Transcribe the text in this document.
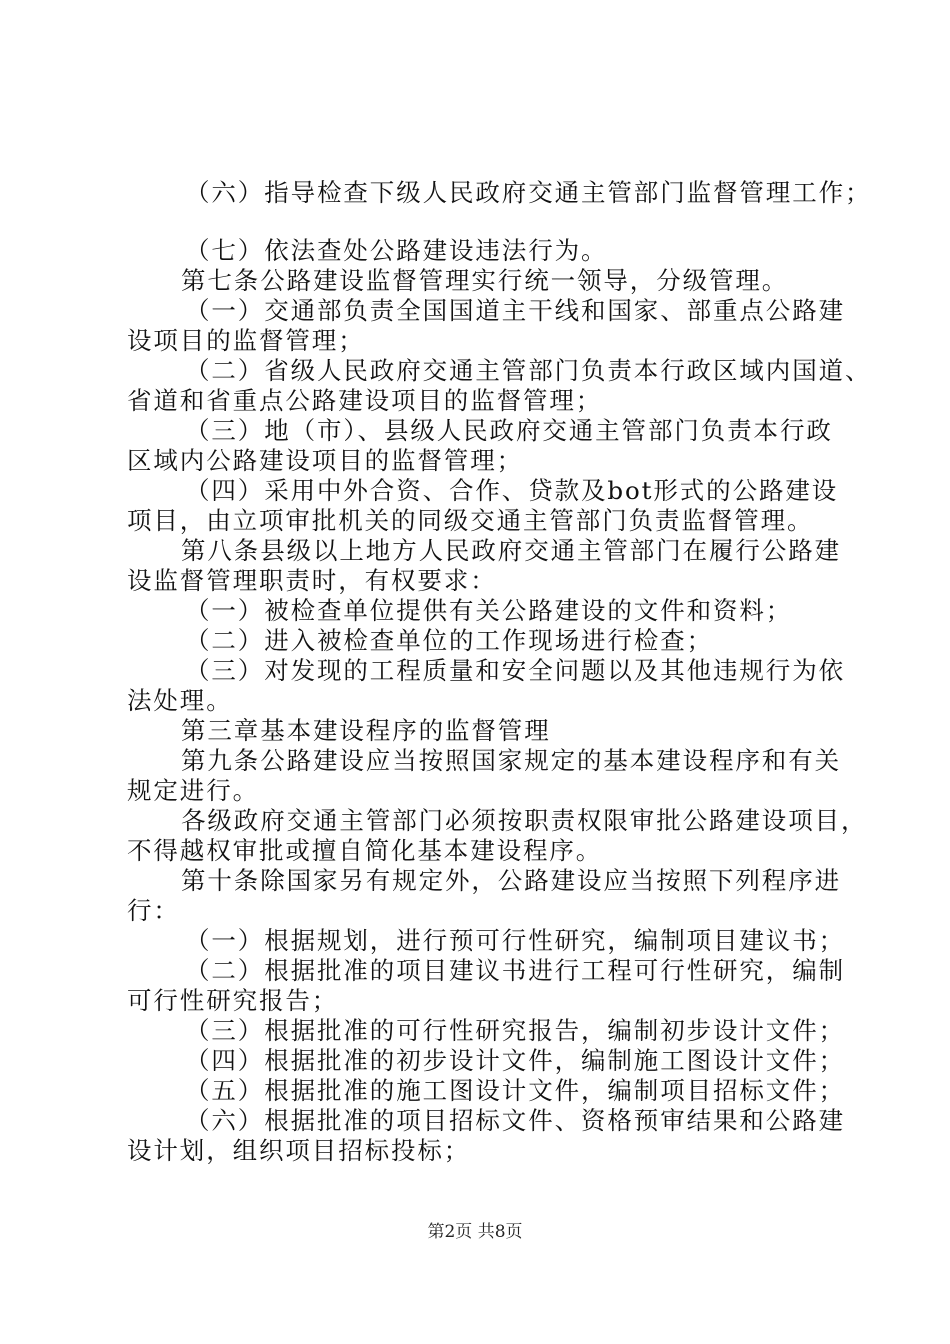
（六）指导检查下级人民政府交通主管部门监督管理工作；
（七）依法查处公路建设违法行为。
第七条公路建设监督管理实行统一领导，分级管理。
（一）交通部负责全国国道主干线和国家、部重点公路建
设项目的监督管理；
（二）省级人民政府交通主管部门负责本行政区域内国道、
省道和省重点公路建设项目的监督管理；
（三）地（市）、县级人民政府交通主管部门负责本行政
区域内公路建设项目的监督管理；
（四）采用中外合资、合作、贷款及bot形式的公路建设
项目，由立项审批机关的同级交通主管部门负责监督管理。
第八条县级以上地方人民政府交通主管部门在履行公路建
设监督管理职责时，有权要求：
（一）被检查单位提供有关公路建设的文件和资料；
（二）进入被检查单位的工作现场进行检查；
（三）对发现的工程质量和安全问题以及其他违规行为依
法处理。
第三章基本建设程序的监督管理
第九条公路建设应当按照国家规定的基本建设程序和有关
规定进行。
各级政府交通主管部门必须按职责权限审批公路建设项目，
不得越权审批或擅自简化基本建设程序。
第十条除国家另有规定外，公路建设应当按照下列程序进
行：
（一）根据规划，进行预可行性研究，编制项目建议书；
（二）根据批准的项目建议书进行工程可行性研究，编制
可行性研究报告；
（三）根据批准的可行性研究报告，编制初步设计文件；
（四）根据批准的初步设计文件，编制施工图设计文件；
（五）根据批准的施工图设计文件，编制项目招标文件；
（六）根据批准的项目招标文件、资格预审结果和公路建
设计划，组织项目招标投标；
第2页 共8页
